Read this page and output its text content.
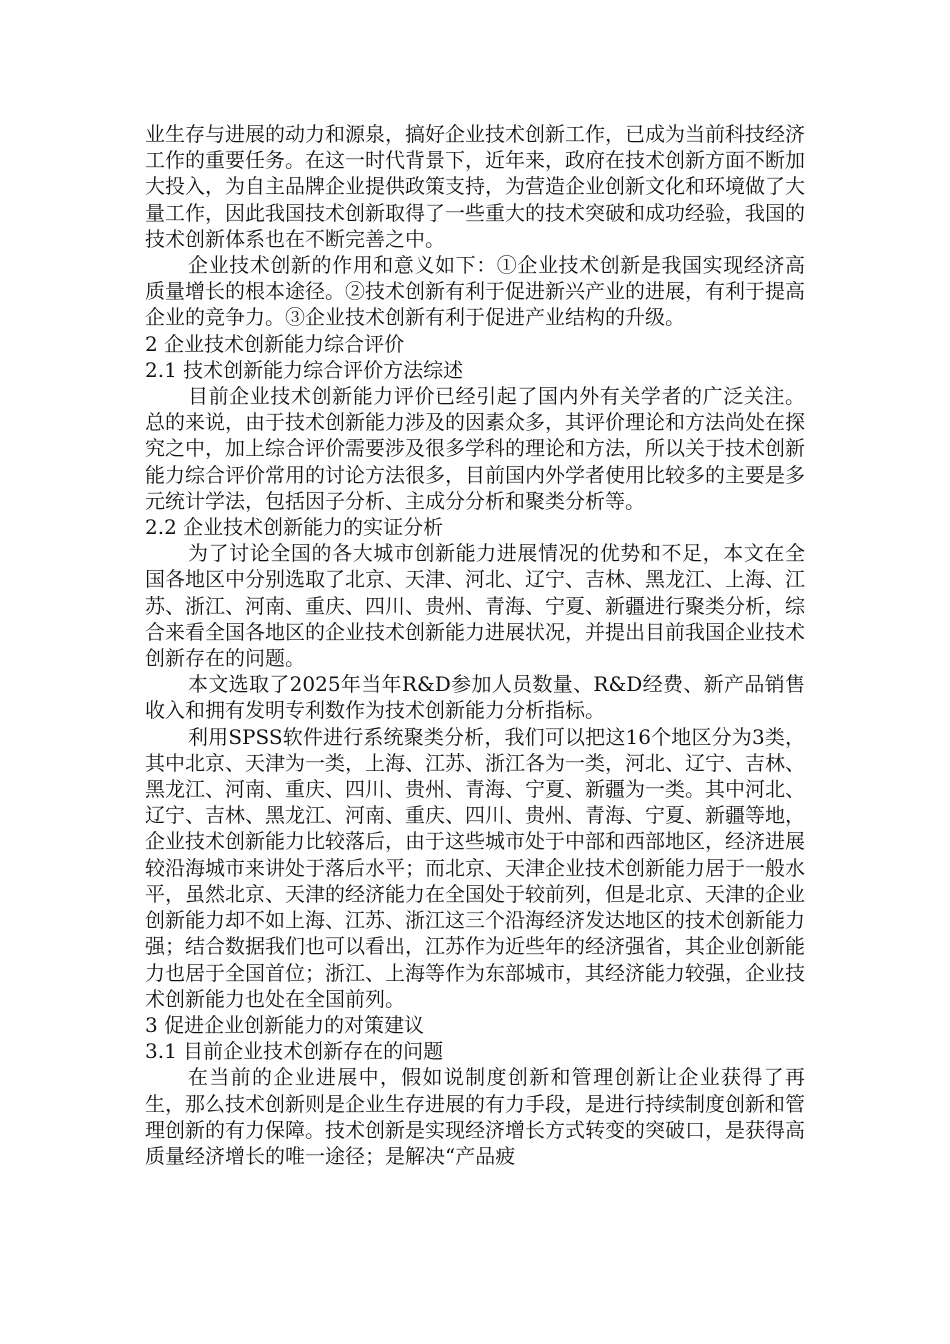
业生存与进展的动力和源泉，搞好企业技术创新工作，已成为当前科技经济工作的重要任务。在这一时代背景下，近年来，政府在技术创新方面不断加大投入，为自主品牌企业提供政策支持，为营造企业创新文化和环境做了大量工作，因此我国技术创新取得了一些重大的技术突破和成功经验，我国的技术创新体系也在不断完善之中。

企业技术创新的作用和意义如下：①企业技术创新是我国实现经济高质量增长的根本途径。②技术创新有利于促进新兴产业的进展，有利于提高企业的竞争力。③企业技术创新有利于促进产业结构的升级。

2 企业技术创新能力综合评价

2.1 技术创新能力综合评价方法综述

目前企业技术创新能力评价已经引起了国内外有关学者的广泛关注。总的来说，由于技术创新能力涉及的因素众多，其评价理论和方法尚处在探究之中，加上综合评价需要涉及很多学科的理论和方法，所以关于技术创新能力综合评价常用的讨论方法很多，目前国内外学者使用比较多的主要是多元统计学法，包括因子分析、主成分分析和聚类分析等。

2.2 企业技术创新能力的实证分析

为了讨论全国的各大城市创新能力进展情况的优势和不足，本文在全国各地区中分别选取了北京、天津、河北、辽宁、吉林、黑龙江、上海、江苏、浙江、河南、重庆、四川、贵州、青海、宁夏、新疆进行聚类分析，综合来看全国各地区的企业技术创新能力进展状况，并提出目前我国企业技术创新存在的问题。

本文选取了2025年当年R&D参加人员数量、R&D经费、新产品销售收入和拥有发明专利数作为技术创新能力分析指标。

利用SPSS软件进行系统聚类分析，我们可以把这16个地区分为3类，其中北京、天津为一类，上海、江苏、浙江各为一类，河北、辽宁、吉林、黑龙江、河南、重庆、四川、贵州、青海、宁夏、新疆为一类。其中河北、辽宁、吉林、黑龙江、河南、重庆、四川、贵州、青海、宁夏、新疆等地，企业技术创新能力比较落后，由于这些城市处于中部和西部地区，经济进展较沿海城市来讲处于落后水平；而北京、天津企业技术创新能力居于一般水平，虽然北京、天津的经济能力在全国处于较前列，但是北京、天津的企业创新能力却不如上海、江苏、浙江这三个沿海经济发达地区的技术创新能力强；结合数据我们也可以看出，江苏作为近些年的经济强省，其企业创新能力也居于全国首位；浙江、上海等作为东部城市，其经济能力较强，企业技术创新能力也处在全国前列。

3 促进企业创新能力的对策建议

3.1 目前企业技术创新存在的问题

在当前的企业进展中，假如说制度创新和管理创新让企业获得了再生，那么技术创新则是企业生存进展的有力手段，是进行持续制度创新和管理创新的有力保障。技术创新是实现经济增长方式转变的突破口，是获得高质量经济增长的唯一途径；是解决“产品疲
